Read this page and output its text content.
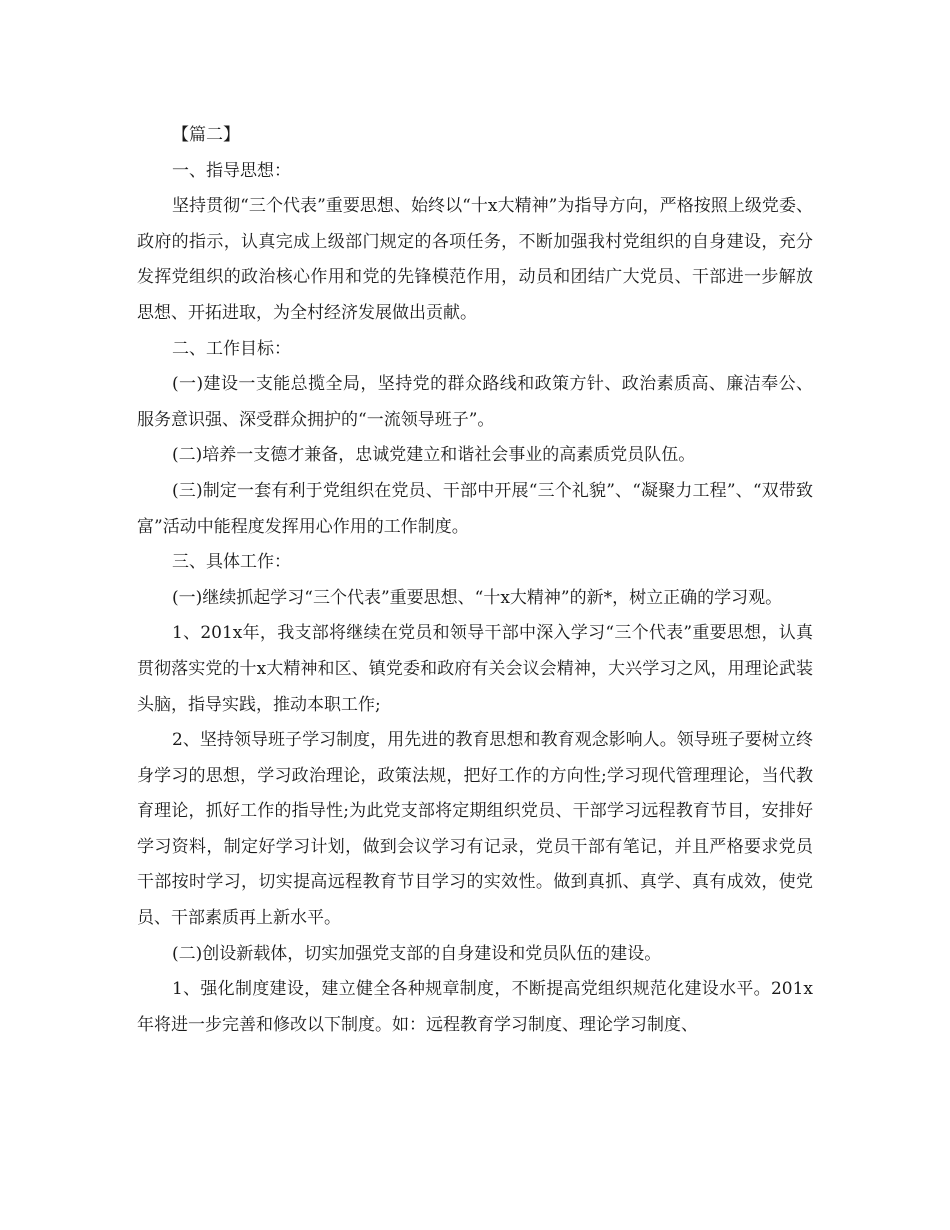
【篇二】

一、指导思想：

坚持贯彻“三个代表”重要思想、始终以“十x大精神”为指导方向，严格按照上级党委、政府的指示，认真完成上级部门规定的各项任务，不断加强我村党组织的自身建设，充分发挥党组织的政治核心作用和党的先锋模范作用，动员和团结广大党员、干部进一步解放思想、开拓进取，为全村经济发展做出贡献。

二、工作目标：

(一)建设一支能总揽全局，坚持党的群众路线和政策方针、政治素质高、廉洁奉公、服务意识强、深受群众拥护的“一流领导班子”。

(二)培养一支德才兼备，忠诚党建立和谐社会事业的高素质党员队伍。

(三)制定一套有利于党组织在党员、干部中开展“三个礼貌”、“凝聚力工程”、“双带致富”活动中能程度发挥用心作用的工作制度。

三、具体工作：

(一)继续抓起学习“三个代表”重要思想、“十x大精神”的新*，树立正确的学习观。

1、201x年，我支部将继续在党员和领导干部中深入学习“三个代表”重要思想，认真贯彻落实党的十x大精神和区、镇党委和政府有关会议会精神，大兴学习之风，用理论武装头脑，指导实践，推动本职工作;

2、坚持领导班子学习制度，用先进的教育思想和教育观念影响人。领导班子要树立终身学习的思想，学习政治理论，政策法规，把好工作的方向性;学习现代管理理论，当代教育理论，抓好工作的指导性;为此党支部将定期组织党员、干部学习远程教育节目，安排好学习资料，制定好学习计划，做到会议学习有记录，党员干部有笔记，并且严格要求党员干部按时学习，切实提高远程教育节目学习的实效性。做到真抓、真学、真有成效，使党员、干部素质再上新水平。

(二)创设新载体，切实加强党支部的自身建设和党员队伍的建设。

1、强化制度建设，建立健全各种规章制度，不断提高党组织规范化建设水平。201x年将进一步完善和修改以下制度。如：远程教育学习制度、理论学习制度、
